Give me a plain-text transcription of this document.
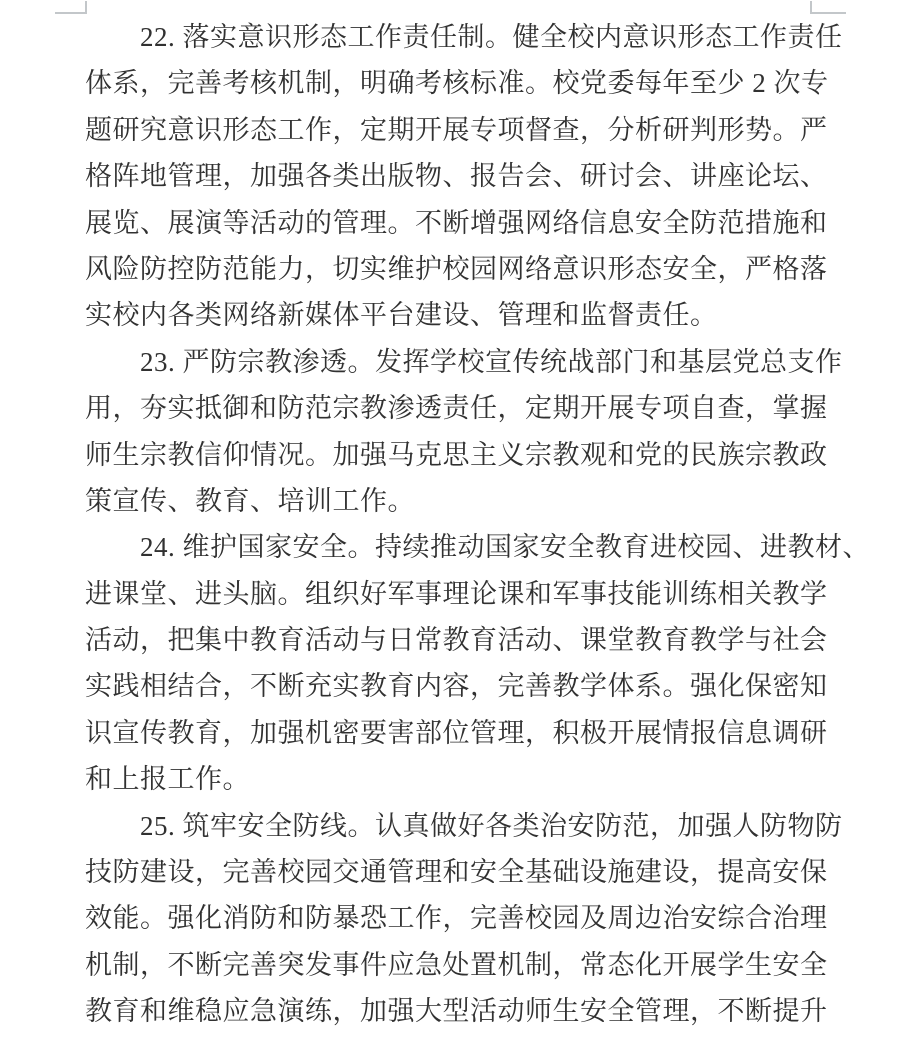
22. 落实意识形态工作责任制。健全校内意识形态工作责任
体系，完善考核机制，明确考核标准。校党委每年至少 2 次专
题研究意识形态工作，定期开展专项督查，分析研判形势。严
格阵地管理，加强各类出版物、报告会、研讨会、讲座论坛、
展览、展演等活动的管理。不断增强网络信息安全防范措施和
风险防控防范能力，切实维护校园网络意识形态安全，严格落
实校内各类网络新媒体平台建设、管理和监督责任。
23. 严防宗教渗透。发挥学校宣传统战部门和基层党总支作
用，夯实抵御和防范宗教渗透责任，定期开展专项自查，掌握
师生宗教信仰情况。加强马克思主义宗教观和党的民族宗教政
策宣传、教育、培训工作。
24. 维护国家安全。持续推动国家安全教育进校园、进教材、
进课堂、进头脑。组织好军事理论课和军事技能训练相关教学
活动，把集中教育活动与日常教育活动、课堂教育教学与社会
实践相结合，不断充实教育内容，完善教学体系。强化保密知
识宣传教育，加强机密要害部位管理，积极开展情报信息调研
和上报工作。
25. 筑牢安全防线。认真做好各类治安防范，加强人防物防
技防建设，完善校园交通管理和安全基础设施建设，提高安保
效能。强化消防和防暴恐工作，完善校园及周边治安综合治理
机制，不断完善突发事件应急处置机制，常态化开展学生安全
教育和维稳应急演练，加强大型活动师生安全管理，不断提升
